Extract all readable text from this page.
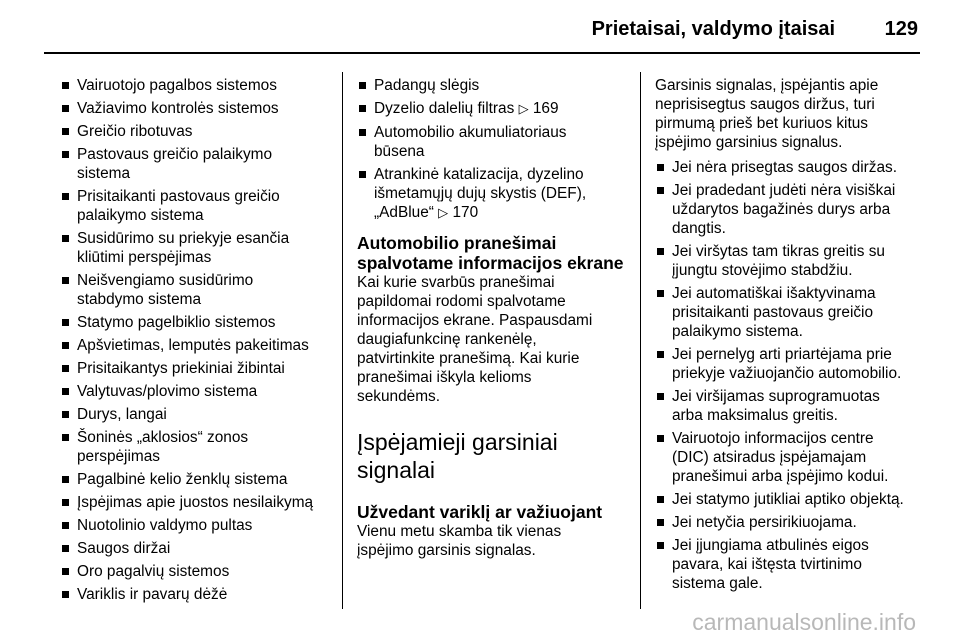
Prietaisai, valdymo įtaisai 129
Vairuotojo pagalbos sistemos
Važiavimo kontrolės sistemos
Greičio ribotuvas
Pastovaus greičio palaikymo
sistema
Prisitaikanti pastovaus greičio
palaikymo sistema
Susidūrimo su priekyje esančia
kliūtimi perspėjimas
Neišvengiamo susidūrimo
stabdymo sistema
Statymo pagelbiklio sistemos
Apšvietimas, lemputės pakeitimas
Prisitaikantys priekiniai žibintai
Valytuvas/plovimo sistema
Durys, langai
Šoninės „aklosios“ zonos
perspėjimas
Pagalbinė kelio ženklų sistema
Įspėjimas apie juostos nesilaikymą
Nuotolinio valdymo pultas
Saugos diržai
Oro pagalvių sistemos
Variklis ir pavarų dėžė
Padangų slėgis
Dyzelio dalelių filtras ▷ 169
Automobilio akumuliatoriaus
būsena
Atrankinė katalizacija, dyzelino
išmetamųjų dujų skystis (DEF),
„AdBlue“ ▷ 170
Automobilio pranešimai
spalvotame informacijos ekrane

Kai kurie svarbūs pranešimai
papildomai rodomi spalvotame
informacijos ekrane. Paspausdami
daugiafunkcinę rankenėlę,
patvirtinkite pranešimą. Kai kurie
pranešimai iškyla kelioms
sekundėms.

Įspėjamieji garsiniai
signalai
Užvedant variklį ar važiuojant

Vienu metu skamba tik vienas
įspėjimo garsinis signalas.

Garsinis signalas, įspėjantis apie
neprisisegtus saugos diržus, turi
pirmumą prieš bet kuriuos kitus
įspėjimo garsinius signalus.

Jei nėra prisegtas saugos diržas.
Jei pradedant judėti nėra visiškai
uždarytos bagažinės durys arba
dangtis.
Jei viršytas tam tikras greitis su
įjungtu stovėjimo stabdžiu.
Jei automatiškai išaktyvinama
prisitaikanti pastovaus greičio
palaikymo sistema.
Jei pernelyg arti priartėjama prie
priekyje važiuojančio automobilio.
Jei viršijamas suprogramuotas
arba maksimalus greitis.
Vairuotojo informacijos centre
(DIC) atsiradus įspėjamajam
pranešimui arba įspėjimo kodui.
Jei statymo jutikliai aptiko objektą.
Jei netyčia persirikiuojama.
Jei įjungiama atbulinės eigos
pavara, kai ištęsta tvirtinimo
sistema gale.
carmanualsonline.info
